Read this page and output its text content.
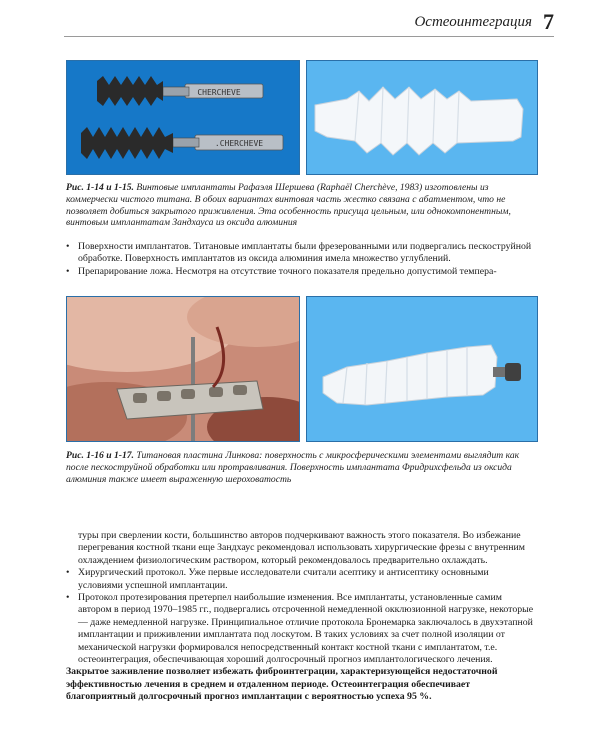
Остеоинтеграция 7
CHERCHEVE
.CHERCHEVE
Рис. 1-14 и 1-15. Винтовые имплантаты Рафаэля Шершева (Raphaël Cherchève, 1983) изготовлены из коммерчески чистого титана. В обоих вариантах винтовая часть жестко связана с абатментом, что не позволяет добиться закрытого приживления. Эта особенность присуща цельным, или однокомпонентным, винтовым имплантатам Зандхауса из оксида алюминия

• Поверхности имплантатов. Титановые имплантаты были фрезерованными или подвергались пескоструйной обработке. Поверхность имплантатов из оксида алюминия имела множество углублений.

• Препарирование ложа. Несмотря на отсутствие точного показателя предельно допустимой темпера-

Рис. 1-16 и 1-17. Титановая пластина Линкова: поверхность с микросферическими элементами выглядит как после пескоструйной обработки или протравливания. Поверхность имплантата Фридрихсфельда из оксида алюминия также имеет выраженную шероховатость

туры при сверлении кости, большинство авторов подчеркивают важность этого показателя. Во избежание перегревания костной ткани еще Зандхаус рекомендовал использовать хирургические фрезы с внутренним охлаждением физиологическим раствором, который рекомендовалось предварительно охлаждать.

• Хирургический протокол. Уже первые исследователи считали асептику и антисептику основными условиями успешной имплантации.

• Протокол протезирования претерпел наибольшие изменения. Все имплантаты, установленные самим автором в период 1970–1985 гг., подвергались отсроченной немедленной окклюзионной нагрузке, некоторые — даже немедленной нагрузке. Принципиальное отличие протокола Бронемарка заключалось в двухэтапной имплантации и приживлении имплантата под лоскутом. В таких условиях за счет полной изоляции от механической нагрузки формировался непосредственный контакт костной ткани с имплантатом, т.е. остеоинтеграция, обеспечивающая хороший долгосрочный прогноз имплантологического лечения.

Закрытое заживление позволяет избежать фиброинтеграции, характеризующейся недостаточной эффективностью лечения в среднем и отдаленном периоде. Остеоинтеграция обеспечивает благоприятный долгосрочный прогноз имплантации с вероятностью успеха 95 %.
